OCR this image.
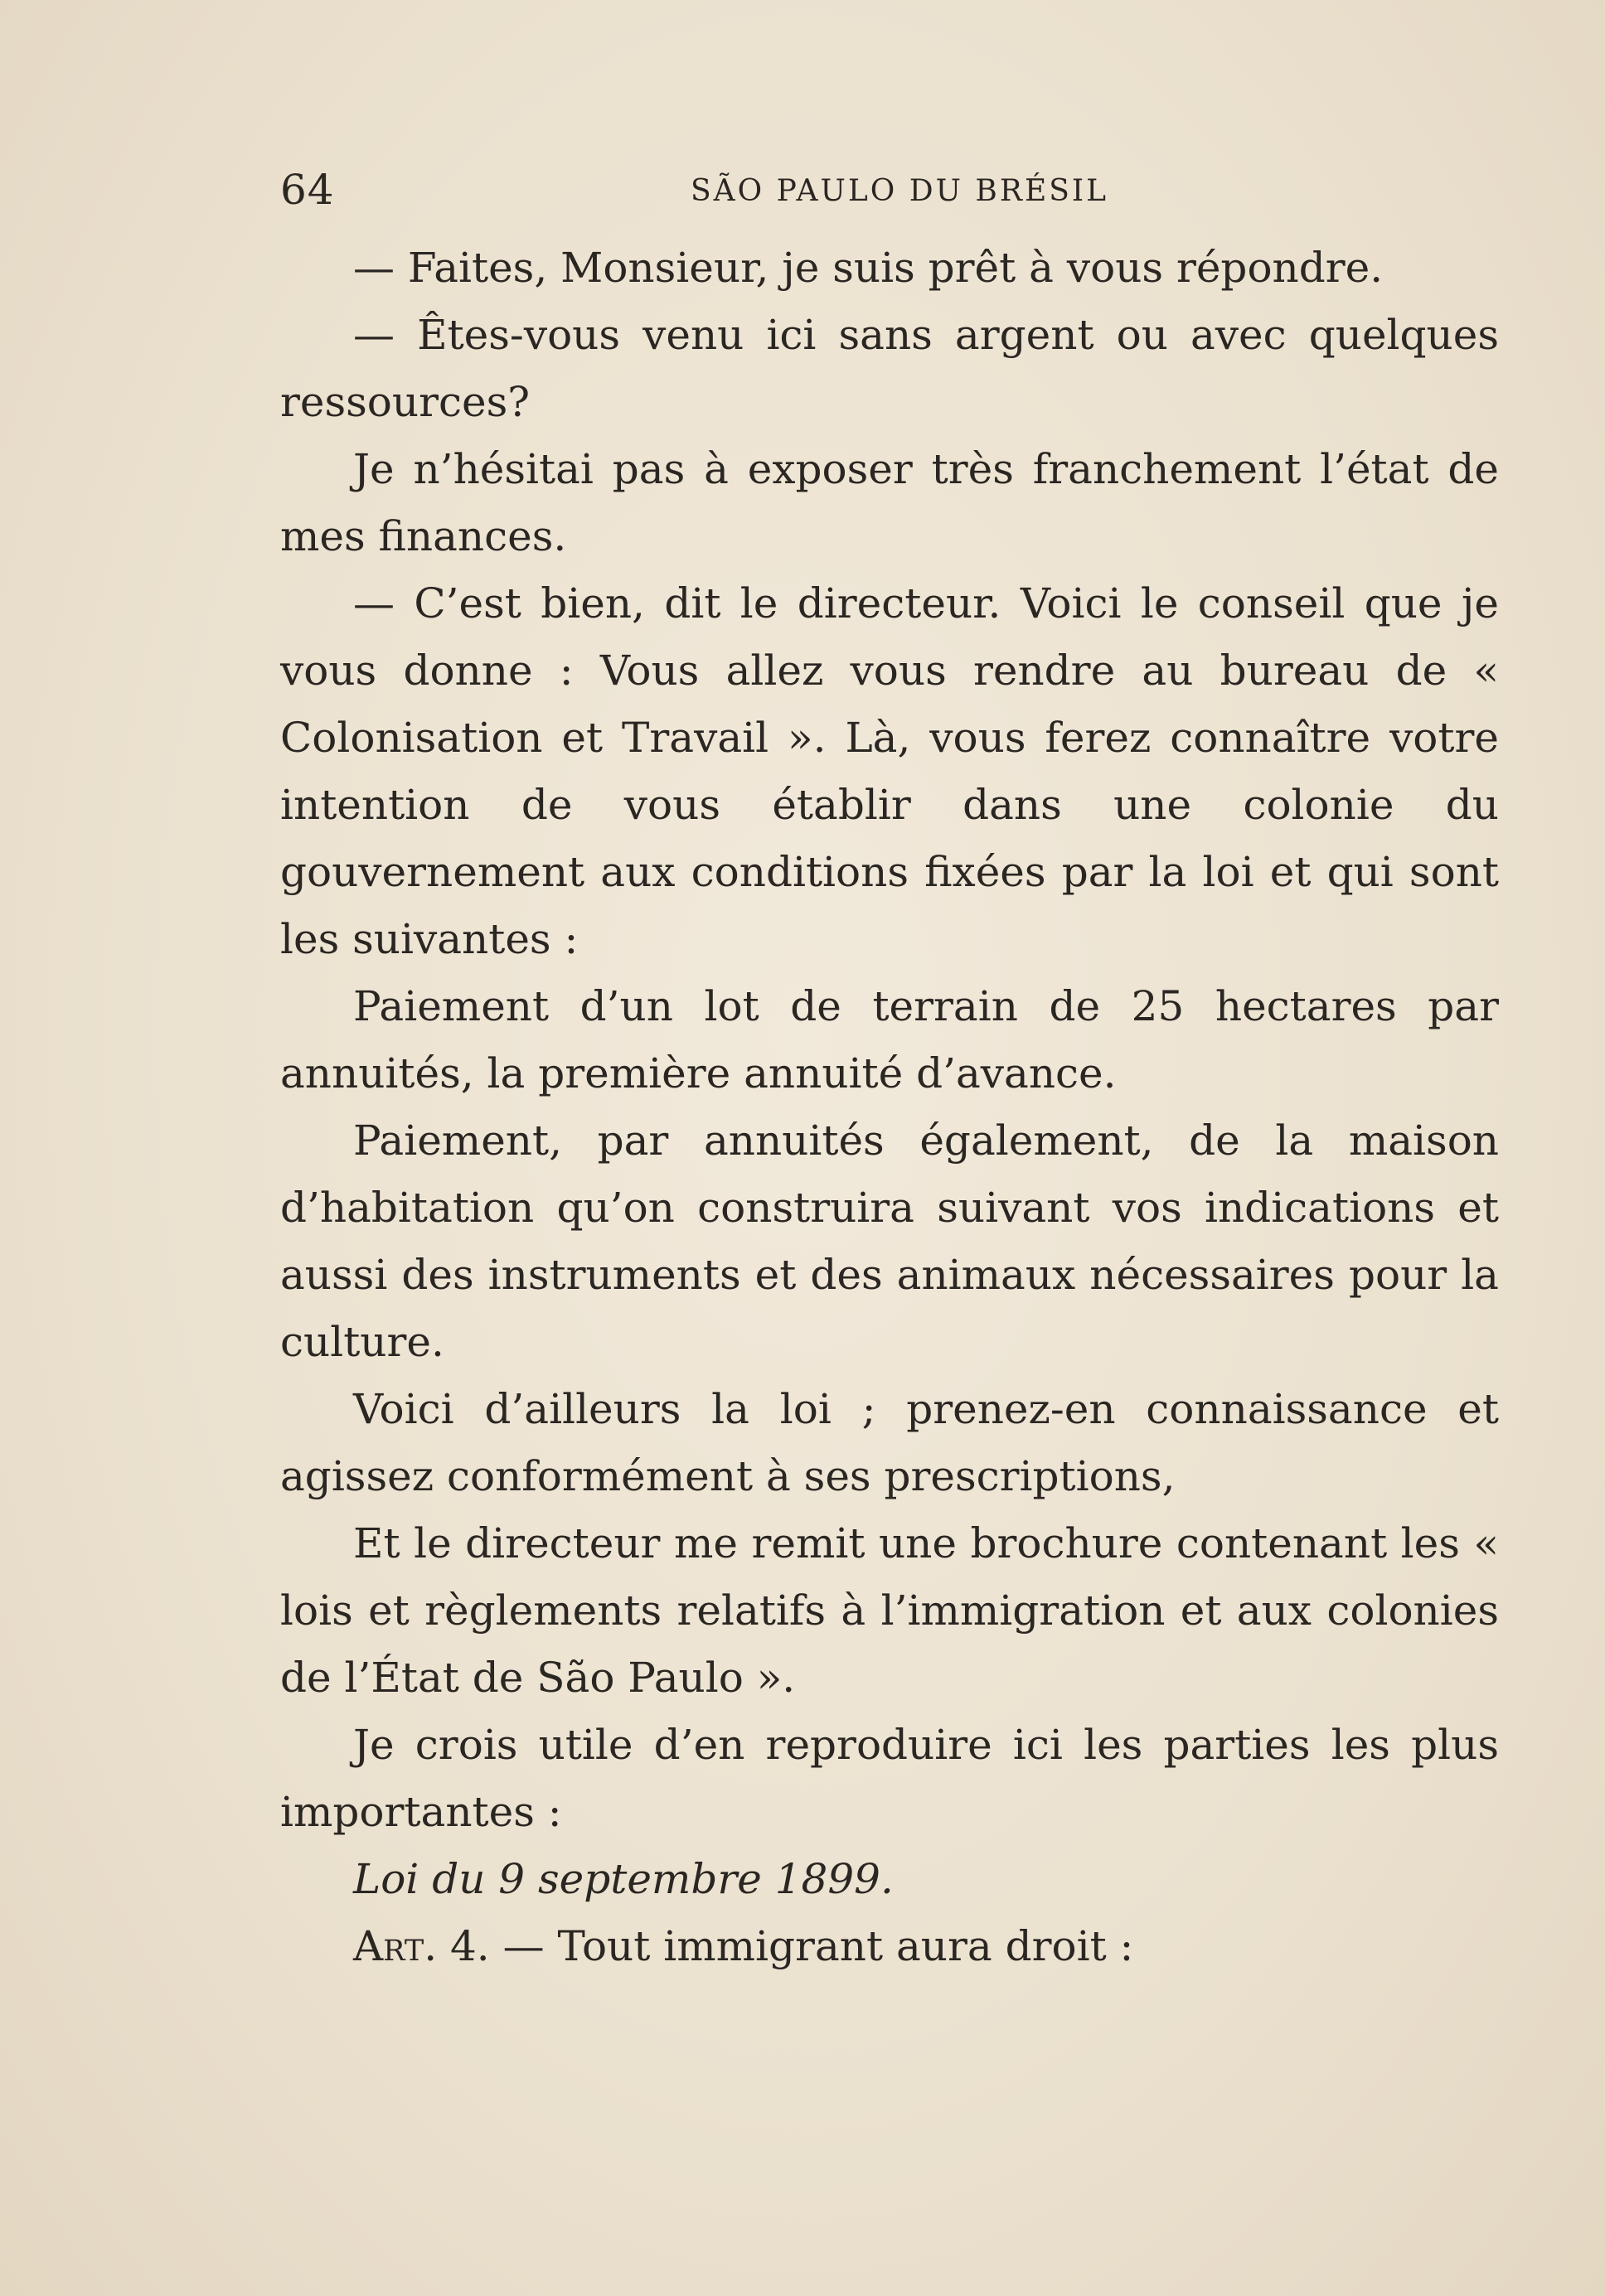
64	SÃO PAULO DU BRÉSIL

— Faites, Monsieur, je suis prêt à vous répondre.

— Êtes-vous venu ici sans argent ou avec quelques ressources?

Je n’hésitai pas à exposer très franchement l’état de mes finances.

— C’est bien, dit le directeur. Voici le conseil que je vous donne : Vous allez vous rendre au bureau de « Colonisation et Travail ». Là, vous ferez connaître votre intention de vous établir dans une colonie du gouvernement aux conditions fixées par la loi et qui sont les suivantes :

Paiement d’un lot de terrain de 25 hectares par annuités, la première annuité d’avance.

Paiement, par annuités également, de la maison d’habitation qu’on construira suivant vos indications et aussi des instruments et des animaux nécessaires pour la culture.

Voici d’ailleurs la loi ; prenez-en connaissance et agissez conformément à ses prescriptions,

Et le directeur me remit une brochure contenant les « lois et règlements relatifs à l’immigration et aux colonies de l’État de São Paulo ».

Je crois utile d’en reproduire ici les parties les plus importantes :

Loi du 9 septembre 1899.

Art. 4. — Tout immigrant aura droit :
